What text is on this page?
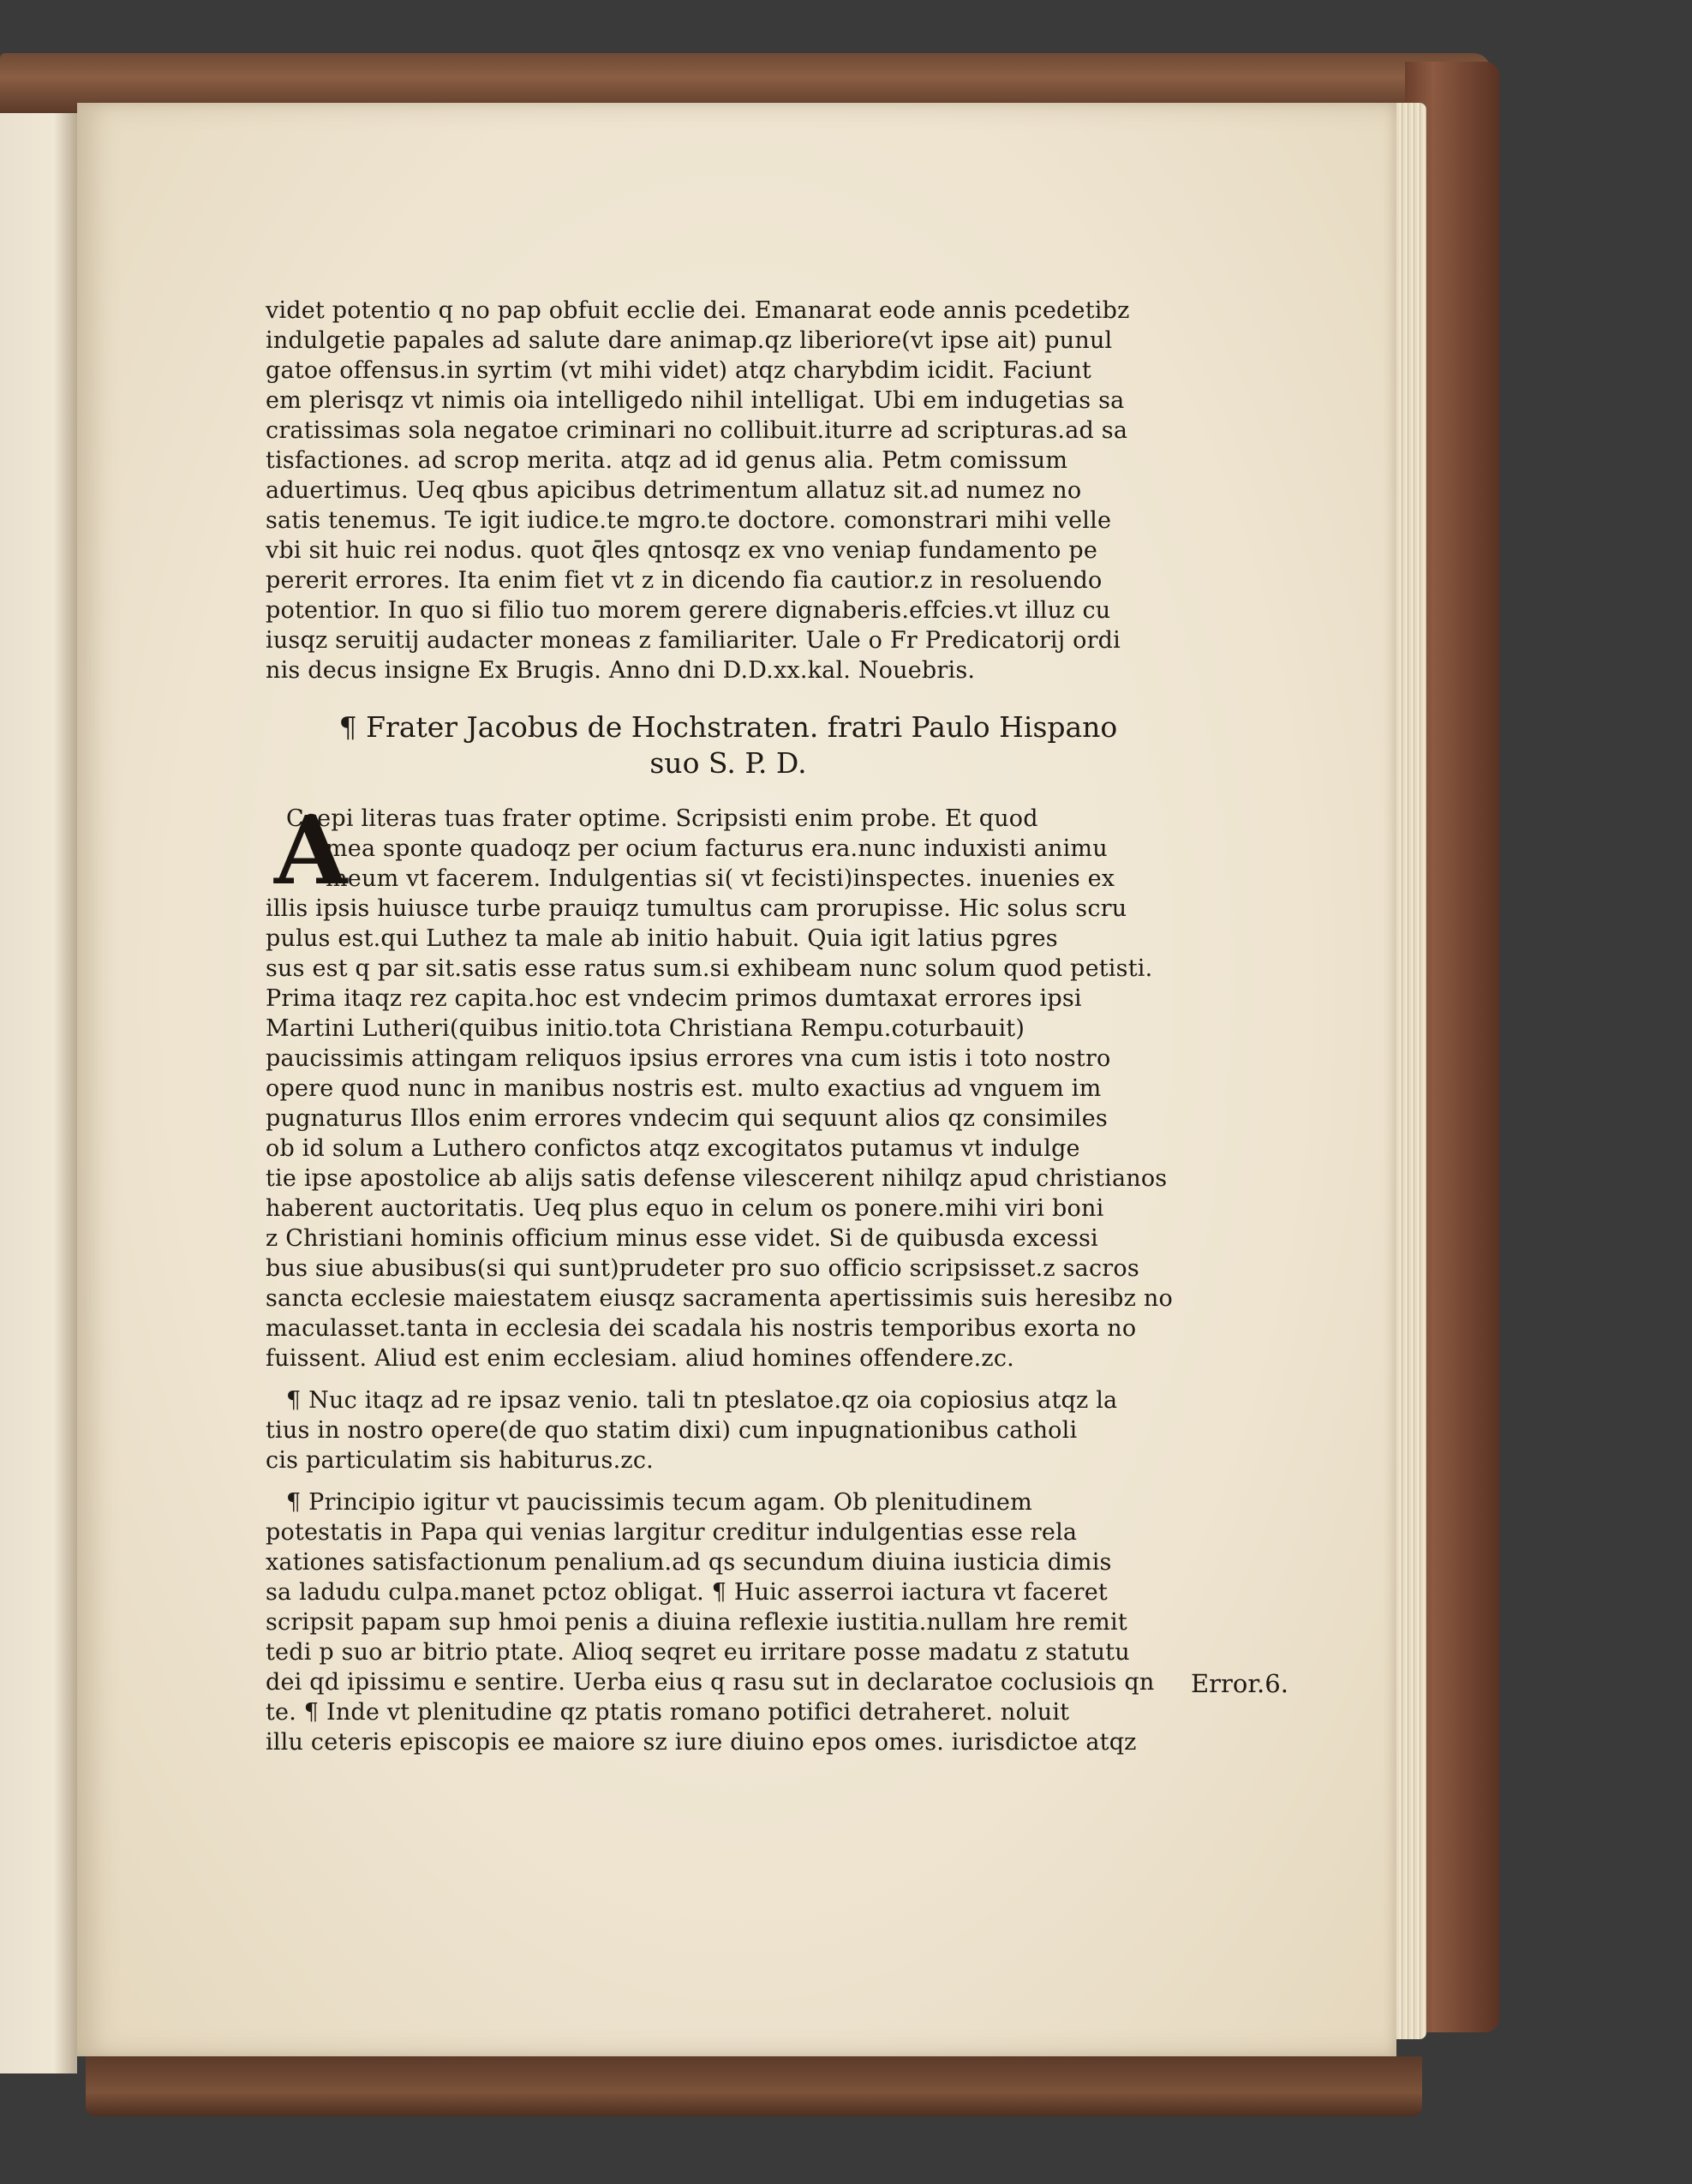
videt potentio q no pap obfuit ecclie dei. Emanarat eode annis pcedetibz
indulgetie papales ad salute dare animap.qz liberiore(vt ipse ait) punul
gatoe offensus.in syrtim (vt mihi videt) atqz charybdim icidit. Faciunt
em plerisqz vt nimis oia intelligedo nihil intelligat. Ubi em indugetias sa
cratissimas sola negatoe criminari no collibuit.iturre ad scripturas.ad sa
tisfactiones. ad scrop merita. atqz ad id genus alia. Petm comissum
aduertimus. Ueq qbus apicibus detrimentum allatuz sit.ad numez no
satis tenemus. Te igit iudice.te mgro.te doctore. comonstrari mihi velle
vbi sit huic rei nodus. quot q̄les qntosqz ex vno veniap fundamento pe
pererit errores. Ita enim fiet vt z in dicendo fia cautior.z in resoluendo
potentior. In quo si filio tuo morem gerere dignaberis.effcies.vt illuz cu
iusqz seruitij audacter moneas z familiariter. Uale o Fr Predicatorij ordi
nis decus insigne Ex Brugis. Anno dni D.D.xx.kal. Nouebris.
¶ Frater Jacobus de Hochstraten. fratri Paulo Hispano
suo S. P. D.
A
Ccepi literas tuas frater optime. Scripsisti enim probe. Et quod
mea sponte quadoqz per ocium facturus era.nunc induxisti animu
meum vt facerem. Indulgentias si( vt fecisti)inspectes. inuenies ex
illis ipsis huiusce turbe prauiqz tumultus cam prorupisse. Hic solus scru
pulus est.qui Luthez ta male ab initio habuit. Quia igit latius pgres
sus est q par sit.satis esse ratus sum.si exhibeam nunc solum quod petisti.
Prima itaqz rez capita.hoc est vndecim primos dumtaxat errores ipsi
Martini Lutheri(quibus initio.tota Christiana Rempu.coturbauit)
paucissimis attingam reliquos ipsius errores vna cum istis i toto nostro
opere quod nunc in manibus nostris est. multo exactius ad vnguem im
pugnaturus Illos enim errores vndecim qui sequunt alios qz consimiles
ob id solum a Luthero confictos atqz excogitatos putamus vt indulge
tie ipse apostolice ab alijs satis defense vilescerent nihilqz apud christianos
haberent auctoritatis. Ueq plus equo in celum os ponere.mihi viri boni
z Christiani hominis officium minus esse videt. Si de quibusda excessi
bus siue abusibus(si qui sunt)prudeter pro suo officio scripsisset.z sacros
sancta ecclesie maiestatem eiusqz sacramenta apertissimis suis heresibz no
maculasset.tanta in ecclesia dei scadala his nostris temporibus exorta no
fuissent. Aliud est enim ecclesiam. aliud homines offendere.zc.
¶ Nuc itaqz ad re ipsaz venio. tali tn pteslatoe.qz oia copiosius atqz la
tius in nostro opere(de quo statim dixi) cum inpugnationibus catholi
cis particulatim sis habiturus.zc.
¶ Principio igitur vt paucissimis tecum agam. Ob plenitudinem
potestatis in Papa qui venias largitur creditur indulgentias esse rela
xationes satisfactionum penalium.ad qs secundum diuina iusticia dimis
sa ladudu culpa.manet pctoz obligat. ¶ Huic asserroi iactura vt faceret
scripsit papam sup hmoi penis a diuina reflexie iustitia.nullam hre remit
tedi p suo ar bitrio ptate. Alioq seqret eu irritare posse madatu z statutu
dei qd ipissimu e sentire. Uerba eius q rasu sut in declaratoe coclusiois qn
te. ¶ Inde vt plenitudine qz ptatis romano potifici detraheret. noluit
illu ceteris episcopis ee maiore sz iure diuino epos omes. iurisdictoe atqz
Error.6.
